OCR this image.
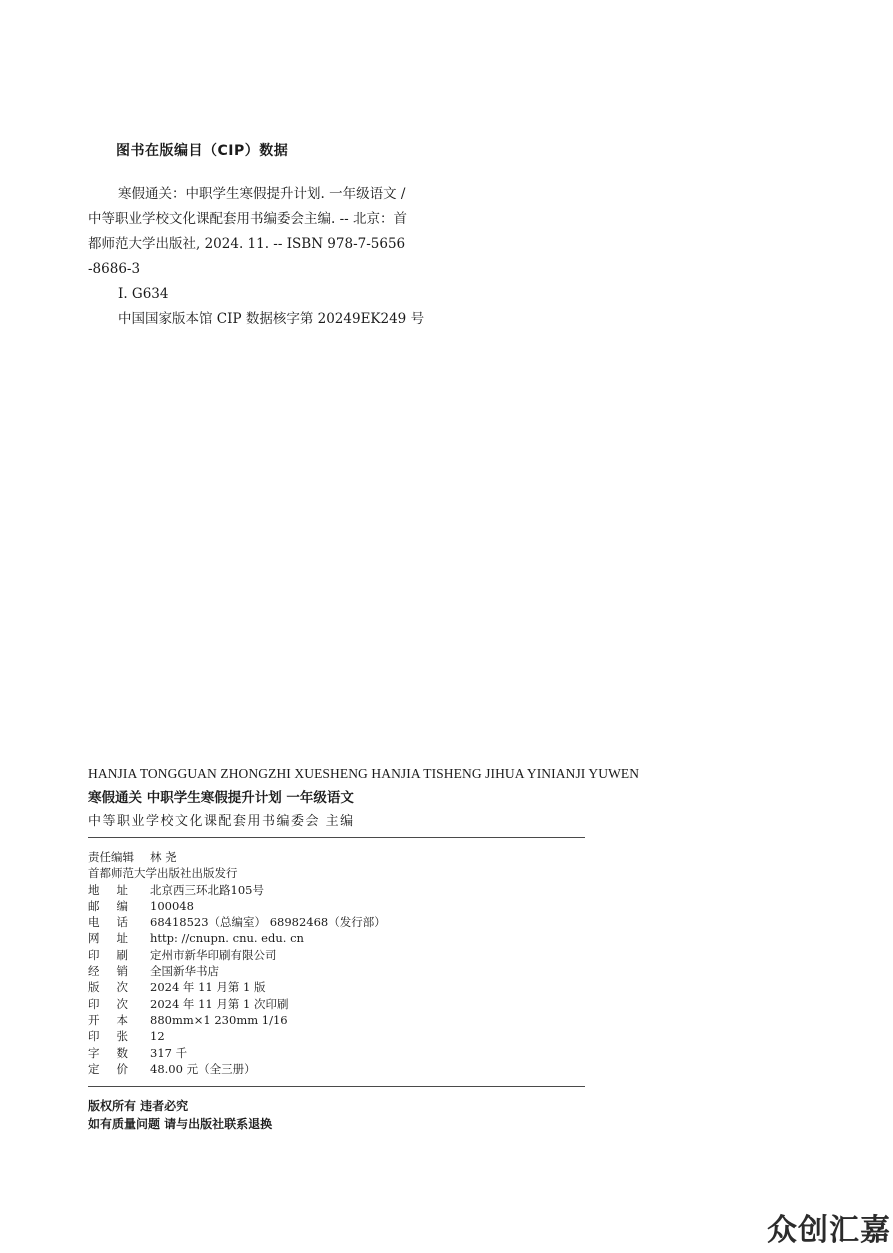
图书在版编目（CIP）数据
寒假通关：中职学生寒假提升计划. 一年级语文 /
中等职业学校文化课配套用书编委会主编. -- 北京：首
都师范大学出版社, 2024. 11. -- ISBN 978-7-5656
-8686-3
Ⅰ. G634
中国国家版本馆 CIP 数据核字第 20249EK249 号
HANJIA TONGGUAN ZHONGZHI XUESHENG HANJIA TISHENG JIHUA YINIANJI YUWEN
寒假通关 中职学生寒假提升计划 一年级语文
中等职业学校文化课配套用书编委会 主编
责任编辑	林 尧
首都师范大学出版社出版发行
地 址 北京西三环北路105号
邮 编 100048
电 话 68418523（总编室） 68982468（发行部）
网 址 http: //cnupn. cnu. edu. cn
印 刷 定州市新华印刷有限公司
经 销 全国新华书店
版 次 2024 年 11 月第 1 版
印 次 2024 年 11 月第 1 次印刷
开 本 880mm×1 230mm 1/16
印 张 12
字 数 317 千
定 价 48.00 元（全三册）
版权所有 违者必究
如有质量问题 请与出版社联系退换
众创汇嘉
